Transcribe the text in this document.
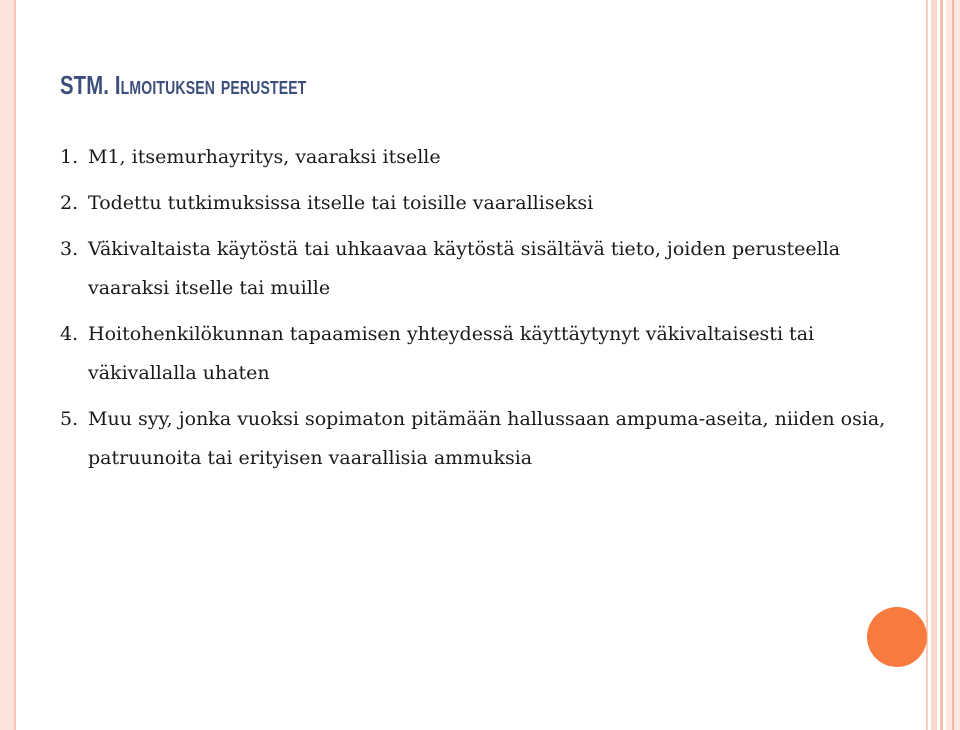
STM. Ilmoituksen perusteet
1. M1, itsemurhayritys, vaaraksi itselle
2. Todettu tutkimuksissa itselle tai toisille vaaralliseksi
3. Väkivaltaista käytöstä tai uhkaavaa käytöstä sisältävä tieto, joiden perusteella vaaraksi itselle tai muille
4. Hoitohenkilökunnan tapaamisen yhteydessä käyttäytynyt väkivaltaisesti tai väkivallalla uhaten
5. Muu syy, jonka vuoksi sopimaton pitämään hallussaan ampuma-aseita, niiden osia, patruunoita tai erityisen vaarallisia ammuksia
